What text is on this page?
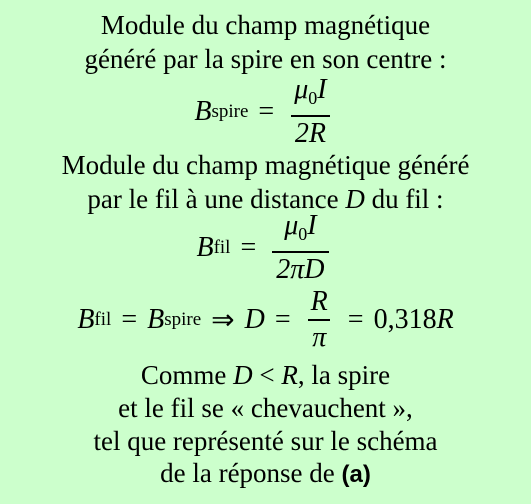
Module du champ magnétique
généré par la spire en son centre :
B spire = $\frac{\mu_0I}{2R}$
Module du champ magnétique généré
par le fil à une distance D du fil :
B fil = $\frac{\mu_0I}{2\pi D}$
B fil = B spire ⇒ $D = \frac{R}{\pi} = 0,318$ R
Comme D < R, la spire
et le fil se « chevauchent »,
tel que représenté sur le schéma
de la réponse de (a)
